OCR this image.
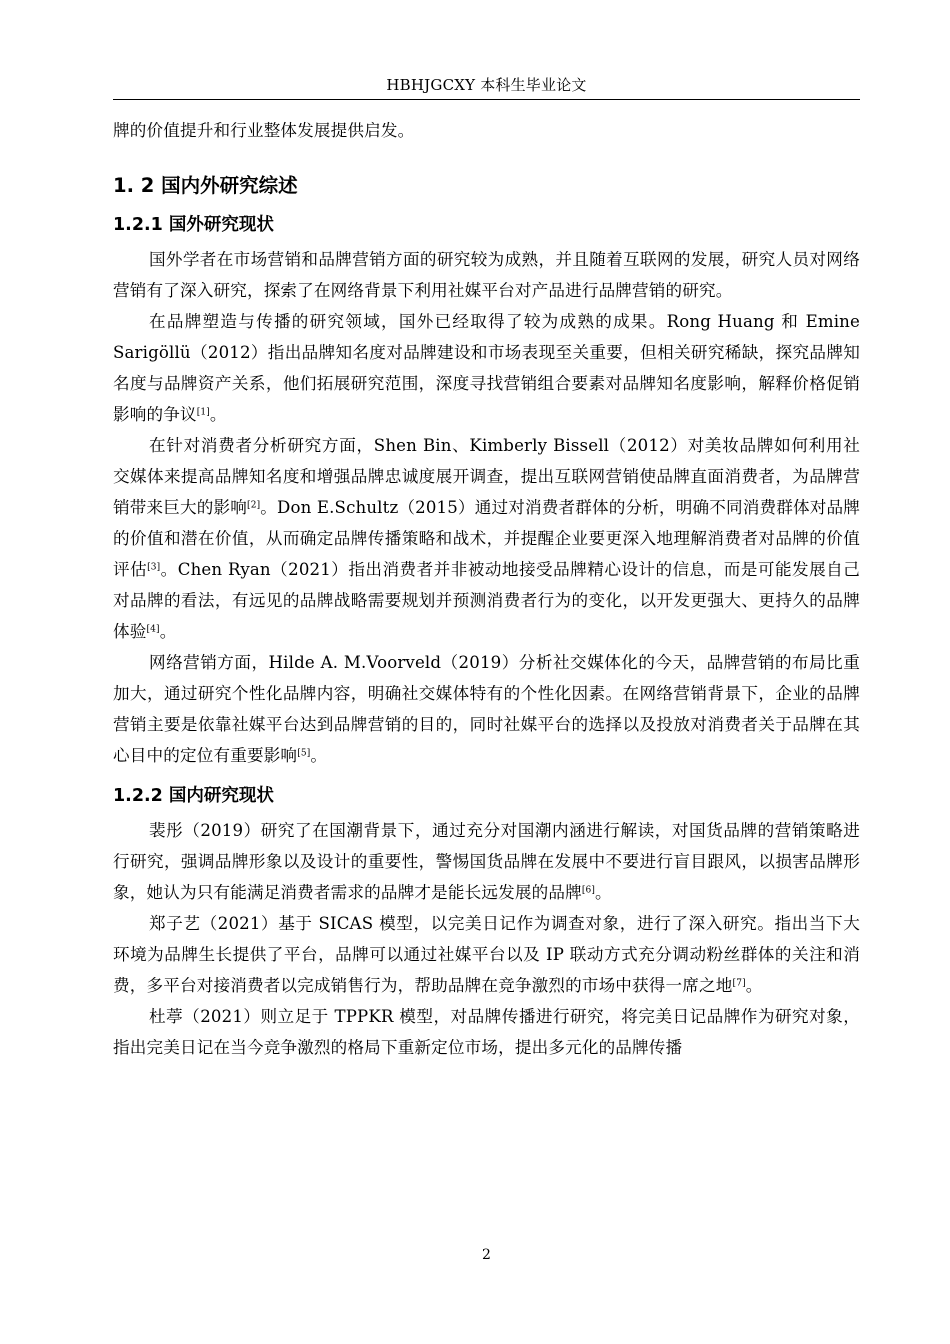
HBHJGCXY 本科生毕业论文

牌的价值提升和行业整体发展提供启发。

1. 2 国内外研究综述
1.2.1 国外研究现状

国外学者在市场营销和品牌营销方面的研究较为成熟，并且随着互联网的发展，研究人员对网络营销有了深入研究，探索了在网络背景下利用社媒平台对产品进行品牌营销的研究。

在品牌塑造与传播的研究领域，国外已经取得了较为成熟的成果。Rong Huang 和 Emine Sarigöllü（2012）指出品牌知名度对品牌建设和市场表现至关重要，但相关研究稀缺，探究品牌知名度与品牌资产关系，他们拓展研究范围，深度寻找营销组合要素对品牌知名度影响，解释价格促销影响的争议[1]。

在针对消费者分析研究方面，Shen Bin、Kimberly Bissell（2012）对美妆品牌如何利用社交媒体来提高品牌知名度和增强品牌忠诚度展开调查，提出互联网营销使品牌直面消费者，为品牌营销带来巨大的影响[2]。Don E.Schultz（2015）通过对消费者群体的分析，明确不同消费群体对品牌的价值和潜在价值，从而确定品牌传播策略和战术，并提醒企业要更深入地理解消费者对品牌的价值评估[3]。Chen Ryan（2021）指出消费者并非被动地接受品牌精心设计的信息，而是可能发展自己对品牌的看法，有远见的品牌战略需要规划并预测消费者行为的变化，以开发更强大、更持久的品牌体验[4]。

网络营销方面，Hilde A. M.Voorveld（2019）分析社交媒体化的今天，品牌营销的布局比重加大，通过研究个性化品牌内容，明确社交媒体特有的个性化因素。在网络营销背景下，企业的品牌营销主要是依靠社媒平台达到品牌营销的目的，同时社媒平台的选择以及投放对消费者关于品牌在其心目中的定位有重要影响[5]。

1.2.2 国内研究现状

裴彤（2019）研究了在国潮背景下，通过充分对国潮内涵进行解读，对国货品牌的营销策略进行研究，强调品牌形象以及设计的重要性，警惕国货品牌在发展中不要进行盲目跟风，以损害品牌形象，她认为只有能满足消费者需求的品牌才是能长远发展的品牌[6]。

郑子艺（2021）基于 SICAS 模型，以完美日记作为调查对象，进行了深入研究。指出当下大环境为品牌生长提供了平台，品牌可以通过社媒平台以及 IP 联动方式充分调动粉丝群体的关注和消费，多平台对接消费者以完成销售行为，帮助品牌在竞争激烈的市场中获得一席之地[7]。

杜葶（2021）则立足于 TPPKR 模型，对品牌传播进行研究，将完美日记品牌作为研究对象，指出完美日记在当今竞争激烈的格局下重新定位市场，提出多元化的品牌传播

2
